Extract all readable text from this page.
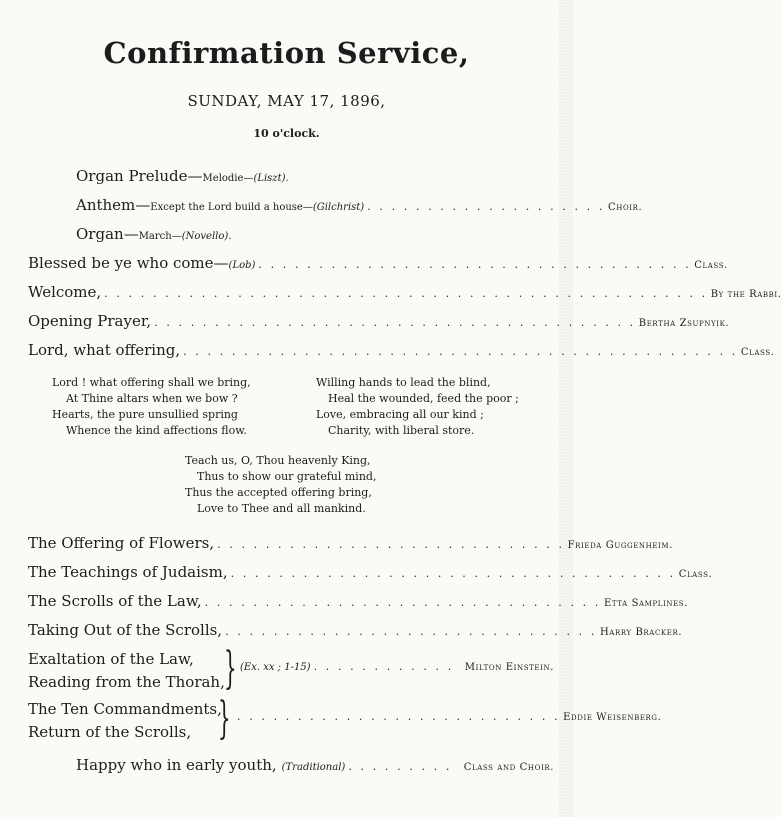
Confirmation Service,
SUNDAY, MAY 17, 1896,
10 o'clock.
Organ Prelude — Melodie— (Liszt).
Anthem — Except the Lord build a house— (Gilchrist) . . . . . . . . . . . . . . . . . . . . Choir.
Organ — March— (Novello).
Blessed be ye who come — (Lob) . . . . . . . . . . . . . . . . . . . . . . . . . . . . . . . . . . . . Class.
Welcome, . . . . . . . . . . . . . . . . . . . . . . . . . . . . . . . . . . . . . . . . . . . . . . . . . . By the Rabbi.
Opening Prayer, . . . . . . . . . . . . . . . . . . . . . . . . . . . . . . . . . . . . . . . . Bertha Zsupnyik.
Lord, what offering, . . . . . . . . . . . . . . . . . . . . . . . . . . . . . . . . . . . . . . . . . . . . . . Class.
Lord ! what offering shall we bring,
At Thine altars when we bow ?
Hearts, the pure unsullied spring
Whence the kind affections flow.
Willing hands to lead the blind,
Heal the wounded, feed the poor ;
Love, embracing all our kind ;
Charity, with liberal store.
Teach us, O, Thou heavenly King,
Thus to show our grateful mind,
Thus the accepted offering bring,
Love to Thee and all mankind.
The Offering of Flowers, . . . . . . . . . . . . . . . . . . . . . . . . . . . . . Frieda Guggenheim.
The Teachings of Judaism, . . . . . . . . . . . . . . . . . . . . . . . . . . . . . . . . . . . . . Class.
The Scrolls of the Law, . . . . . . . . . . . . . . . . . . . . . . . . . . . . . . . . . Etta Samplines.
Taking Out of the Scrolls, . . . . . . . . . . . . . . . . . . . . . . . . . . . . . . . Harry Bracker.
Exaltation of the Law,
Reading from the Thorah, } (Ex. xx ; 1-15) . . . . . . . . . . . .	Milton Einstein.
The Ten Commandments,
Return of the Scrolls, } . . . . . . . . . . . . . . . . . . . . . . . . . . . Eddie Weisenberg.
Happy who in early youth, (Traditional) . . . . . . . . .	Class and Choir.
